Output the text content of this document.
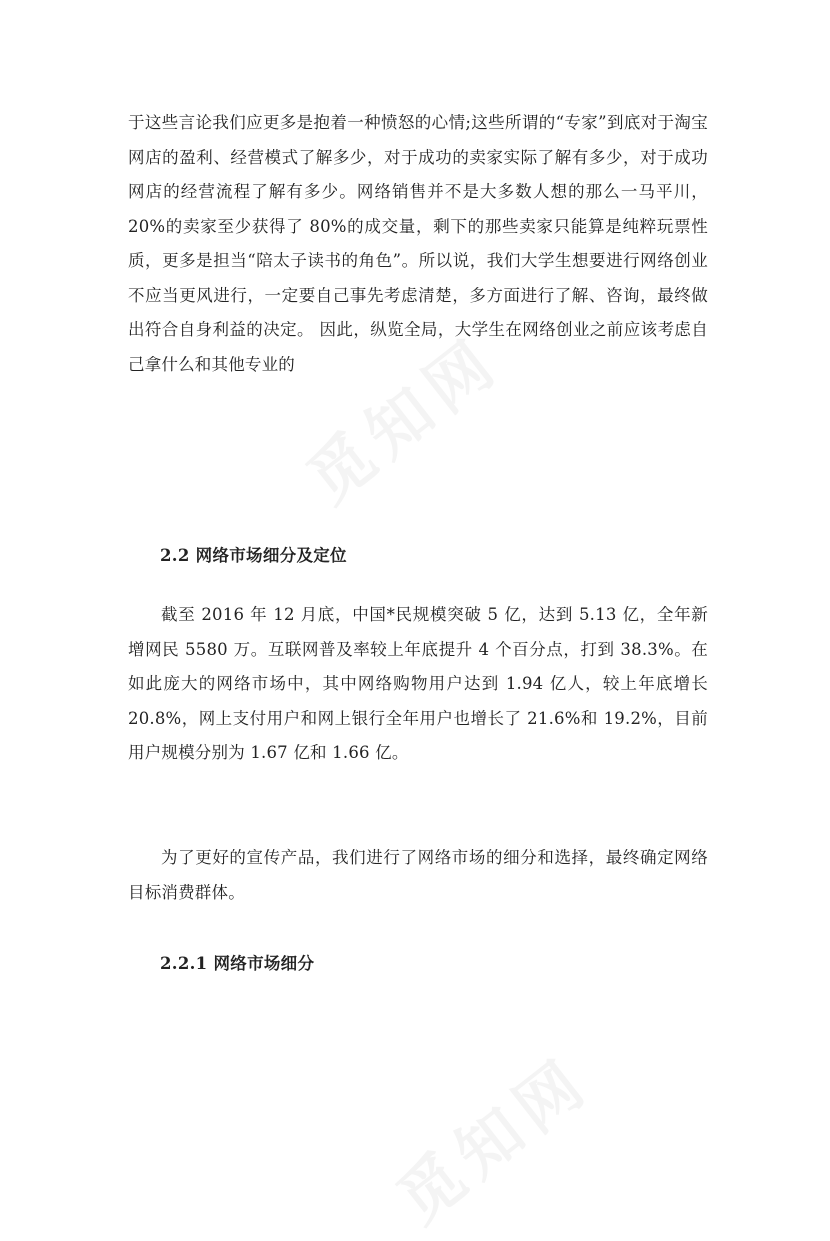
于这些言论我们应更多是抱着一种愤怒的心情;这些所谓的“专家”到底对于淘宝网店的盈利、经营模式了解多少，对于成功的卖家实际了解有多少，对于成功网店的经营流程了解有多少。网络销售并不是大多数人想的那么一马平川，20%的卖家至少获得了 80%的成交量，剩下的那些卖家只能算是纯粹玩票性质，更多是担当“陪太子读书的角色”。所以说，我们大学生想要进行网络创业不应当更风进行，一定要自己事先考虑清楚，多方面进行了解、咨询，最终做出符合自身利益的决定。 因此，纵览全局，大学生在网络创业之前应该考虑自己拿什么和其他专业的

2.2 网络市场细分及定位

截至 2016 年 12 月底，中国*民规模突破 5 亿，达到 5.13 亿，全年新增网民 5580 万。互联网普及率较上年底提升 4 个百分点，打到 38.3%。在如此庞大的网络市场中，其中网络购物用户达到 1.94 亿人，较上年底增长 20.8%，网上支付用户和网上银行全年用户也增长了 21.6%和 19.2%，目前用户规模分别为 1.67 亿和 1.66 亿。

为了更好的宣传产品，我们进行了网络市场的细分和选择，最终确定网络目标消费群体。

2.2.1 网络市场细分
